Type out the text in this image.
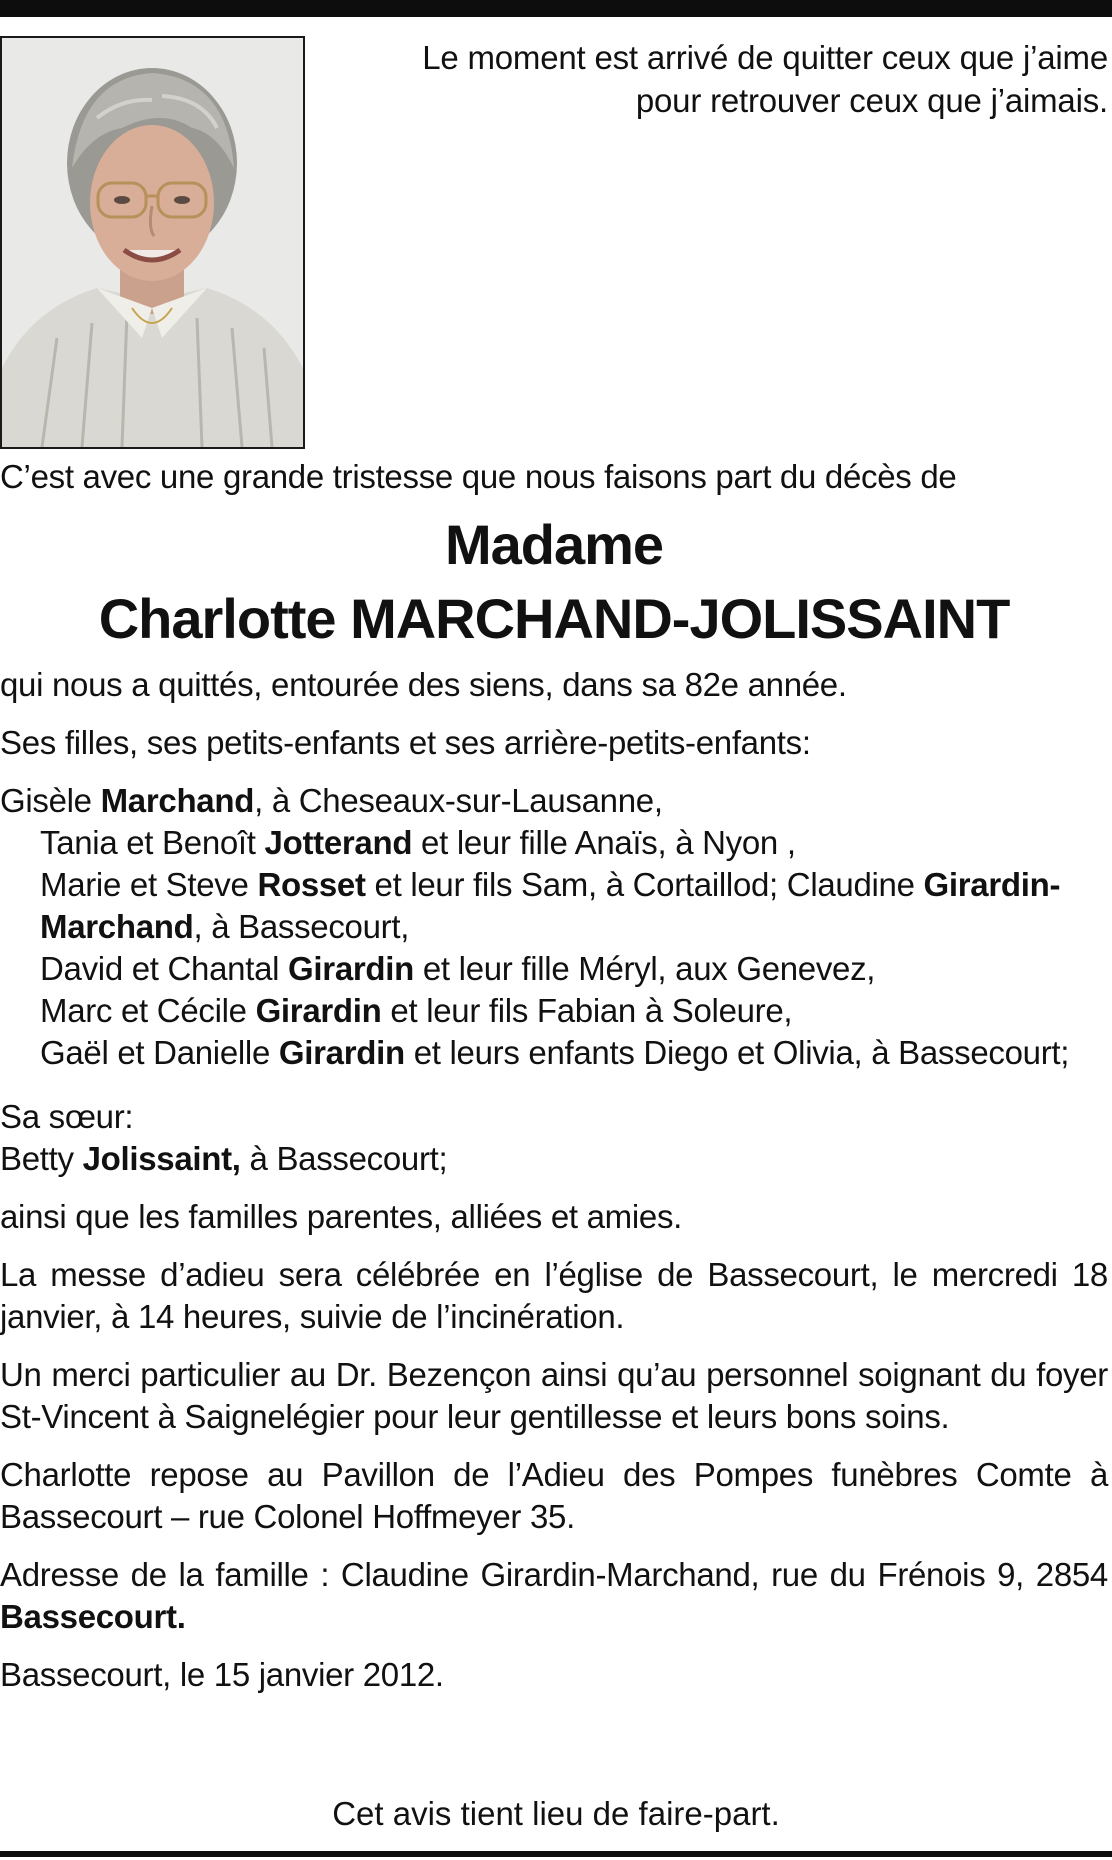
Le moment est arrivé de quitter ceux que j’aime
pour retrouver ceux que j’aimais.

C’est avec une grande tristesse que nous faisons part du décès de

Madame
Charlotte MARCHAND-JOLISSAINT

qui nous a quittés, entourée des siens, dans sa 82e année.

Ses filles, ses petits-enfants et ses arrière-petits-enfants:

Gisèle Marchand, à Cheseaux-sur-Lausanne,

Tania et Benoît Jotterand et leur fille Anaïs, à Nyon ,

Marie et Steve Rosset et leur fils Sam, à Cortaillod; Claudine Girardin-Marchand, à Bassecourt,

David et Chantal Girardin et leur fille Méryl, aux Genevez,

Marc et Cécile Girardin et leur fils Fabian à Soleure,

Gaël et Danielle Girardin et leurs enfants Diego et Olivia, à Bassecourt;

Sa sœur:

Betty Jolissaint, à Bassecourt;

ainsi que les familles parentes, alliées et amies.

La messe d’adieu sera célébrée en l’église de Bassecourt, le mercredi 18 janvier, à 14 heures, suivie de l’incinération.

Un merci particulier au Dr. Bezençon ainsi qu’au personnel soignant du foyer St-Vincent à Saignelégier pour leur gentillesse et leurs bons soins.

Charlotte repose au Pavillon de l’Adieu des Pompes funèbres Comte à Bassecourt – rue Colonel Hoffmeyer 35.

Adresse de la famille : Claudine Girardin-Marchand, rue du Frénois 9, 2854 Bassecourt.

Bassecourt, le 15 janvier 2012.

Cet avis tient lieu de faire-part.
